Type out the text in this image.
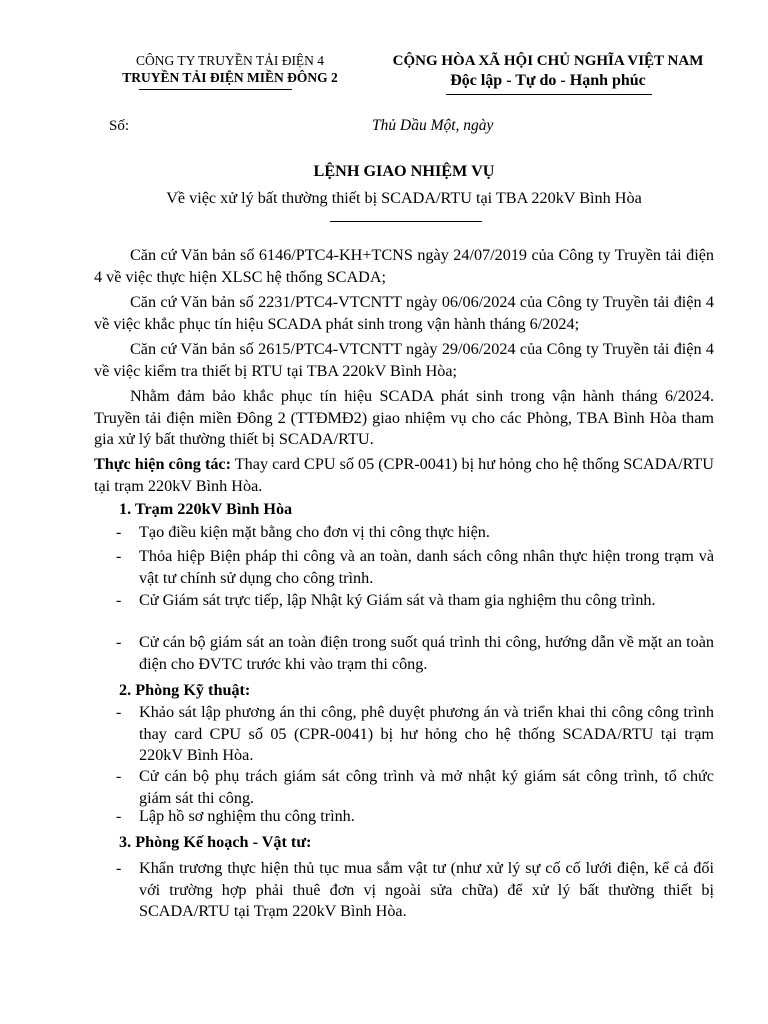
CÔNG TY TRUYỀN TẢI ĐIỆN 4
TRUYỀN TẢI ĐIỆN MIỀN ĐÔNG 2
CỘNG HÒA XÃ HỘI CHỦ NGHĨA VIỆT NAM
Độc lập - Tự do - Hạnh phúc
Số:	Thủ Dầu Một, ngày
LỆNH GIAO NHIỆM VỤ
Về việc xử lý bất thường thiết bị SCADA/RTU tại TBA 220kV Bình Hòa
Căn cứ Văn bản số 6146/PTC4-KH+TCNS ngày 24/07/2019 của Công ty Truyền tải điện 4 về việc thực hiện XLSC hệ thống SCADA;
Căn cứ Văn bản số 2231/PTC4-VTCNTT ngày 06/06/2024 của Công ty Truyền tải điện 4 về việc khắc phục tín hiệu SCADA phát sinh trong vận hành tháng 6/2024;
Căn cứ Văn bản số 2615/PTC4-VTCNTT ngày 29/06/2024 của Công ty Truyền tải điện 4 về việc kiểm tra thiết bị RTU tại TBA 220kV Bình Hòa;
Nhằm đảm bảo khắc phục tín hiệu SCADA phát sinh trong vận hành tháng 6/2024. Truyền tải điện miền Đông 2 (TTĐMĐ2) giao nhiệm vụ cho các Phòng, TBA Bình Hòa tham gia xử lý bất thường thiết bị SCADA/RTU.
Thực hiện công tác: Thay card CPU số 05 (CPR-0041) bị hư hỏng cho hệ thống SCADA/RTU tại trạm 220kV Bình Hòa.
1. Trạm 220kV Bình Hòa
- Tạo điều kiện mặt bằng cho đơn vị thi công thực hiện.
- Thỏa hiệp Biện pháp thi công và an toàn, danh sách công nhân thực hiện trong trạm và vật tư chính sử dụng cho công trình.
- Cử Giám sát trực tiếp, lập Nhật ký Giám sát và tham gia nghiệm thu công trình.
- Cử cán bộ giám sát an toàn điện trong suốt quá trình thi công, hướng dẫn về mặt an toàn điện cho ĐVTC trước khi vào trạm thi công.
2. Phòng Kỹ thuật:
- Khảo sát lập phương án thi công, phê duyệt phương án và triển khai thi công công trình thay card CPU số 05 (CPR-0041) bị hư hỏng cho hệ thống SCADA/RTU tại trạm 220kV Bình Hòa.
- Cử cán bộ phụ trách giám sát công trình và mở nhật ký giám sát công trình, tổ chức giám sát thi công.
- Lập hồ sơ nghiệm thu công trình.
3. Phòng Kế hoạch - Vật tư:
- Khẩn trương thực hiện thủ tục mua sắm vật tư (như xử lý sự cố cố lưới điện, kể cả đối với trường hợp phải thuê đơn vị ngoài sửa chữa) để xử lý bất thường thiết bị SCADA/RTU tại Trạm 220kV Bình Hòa.
